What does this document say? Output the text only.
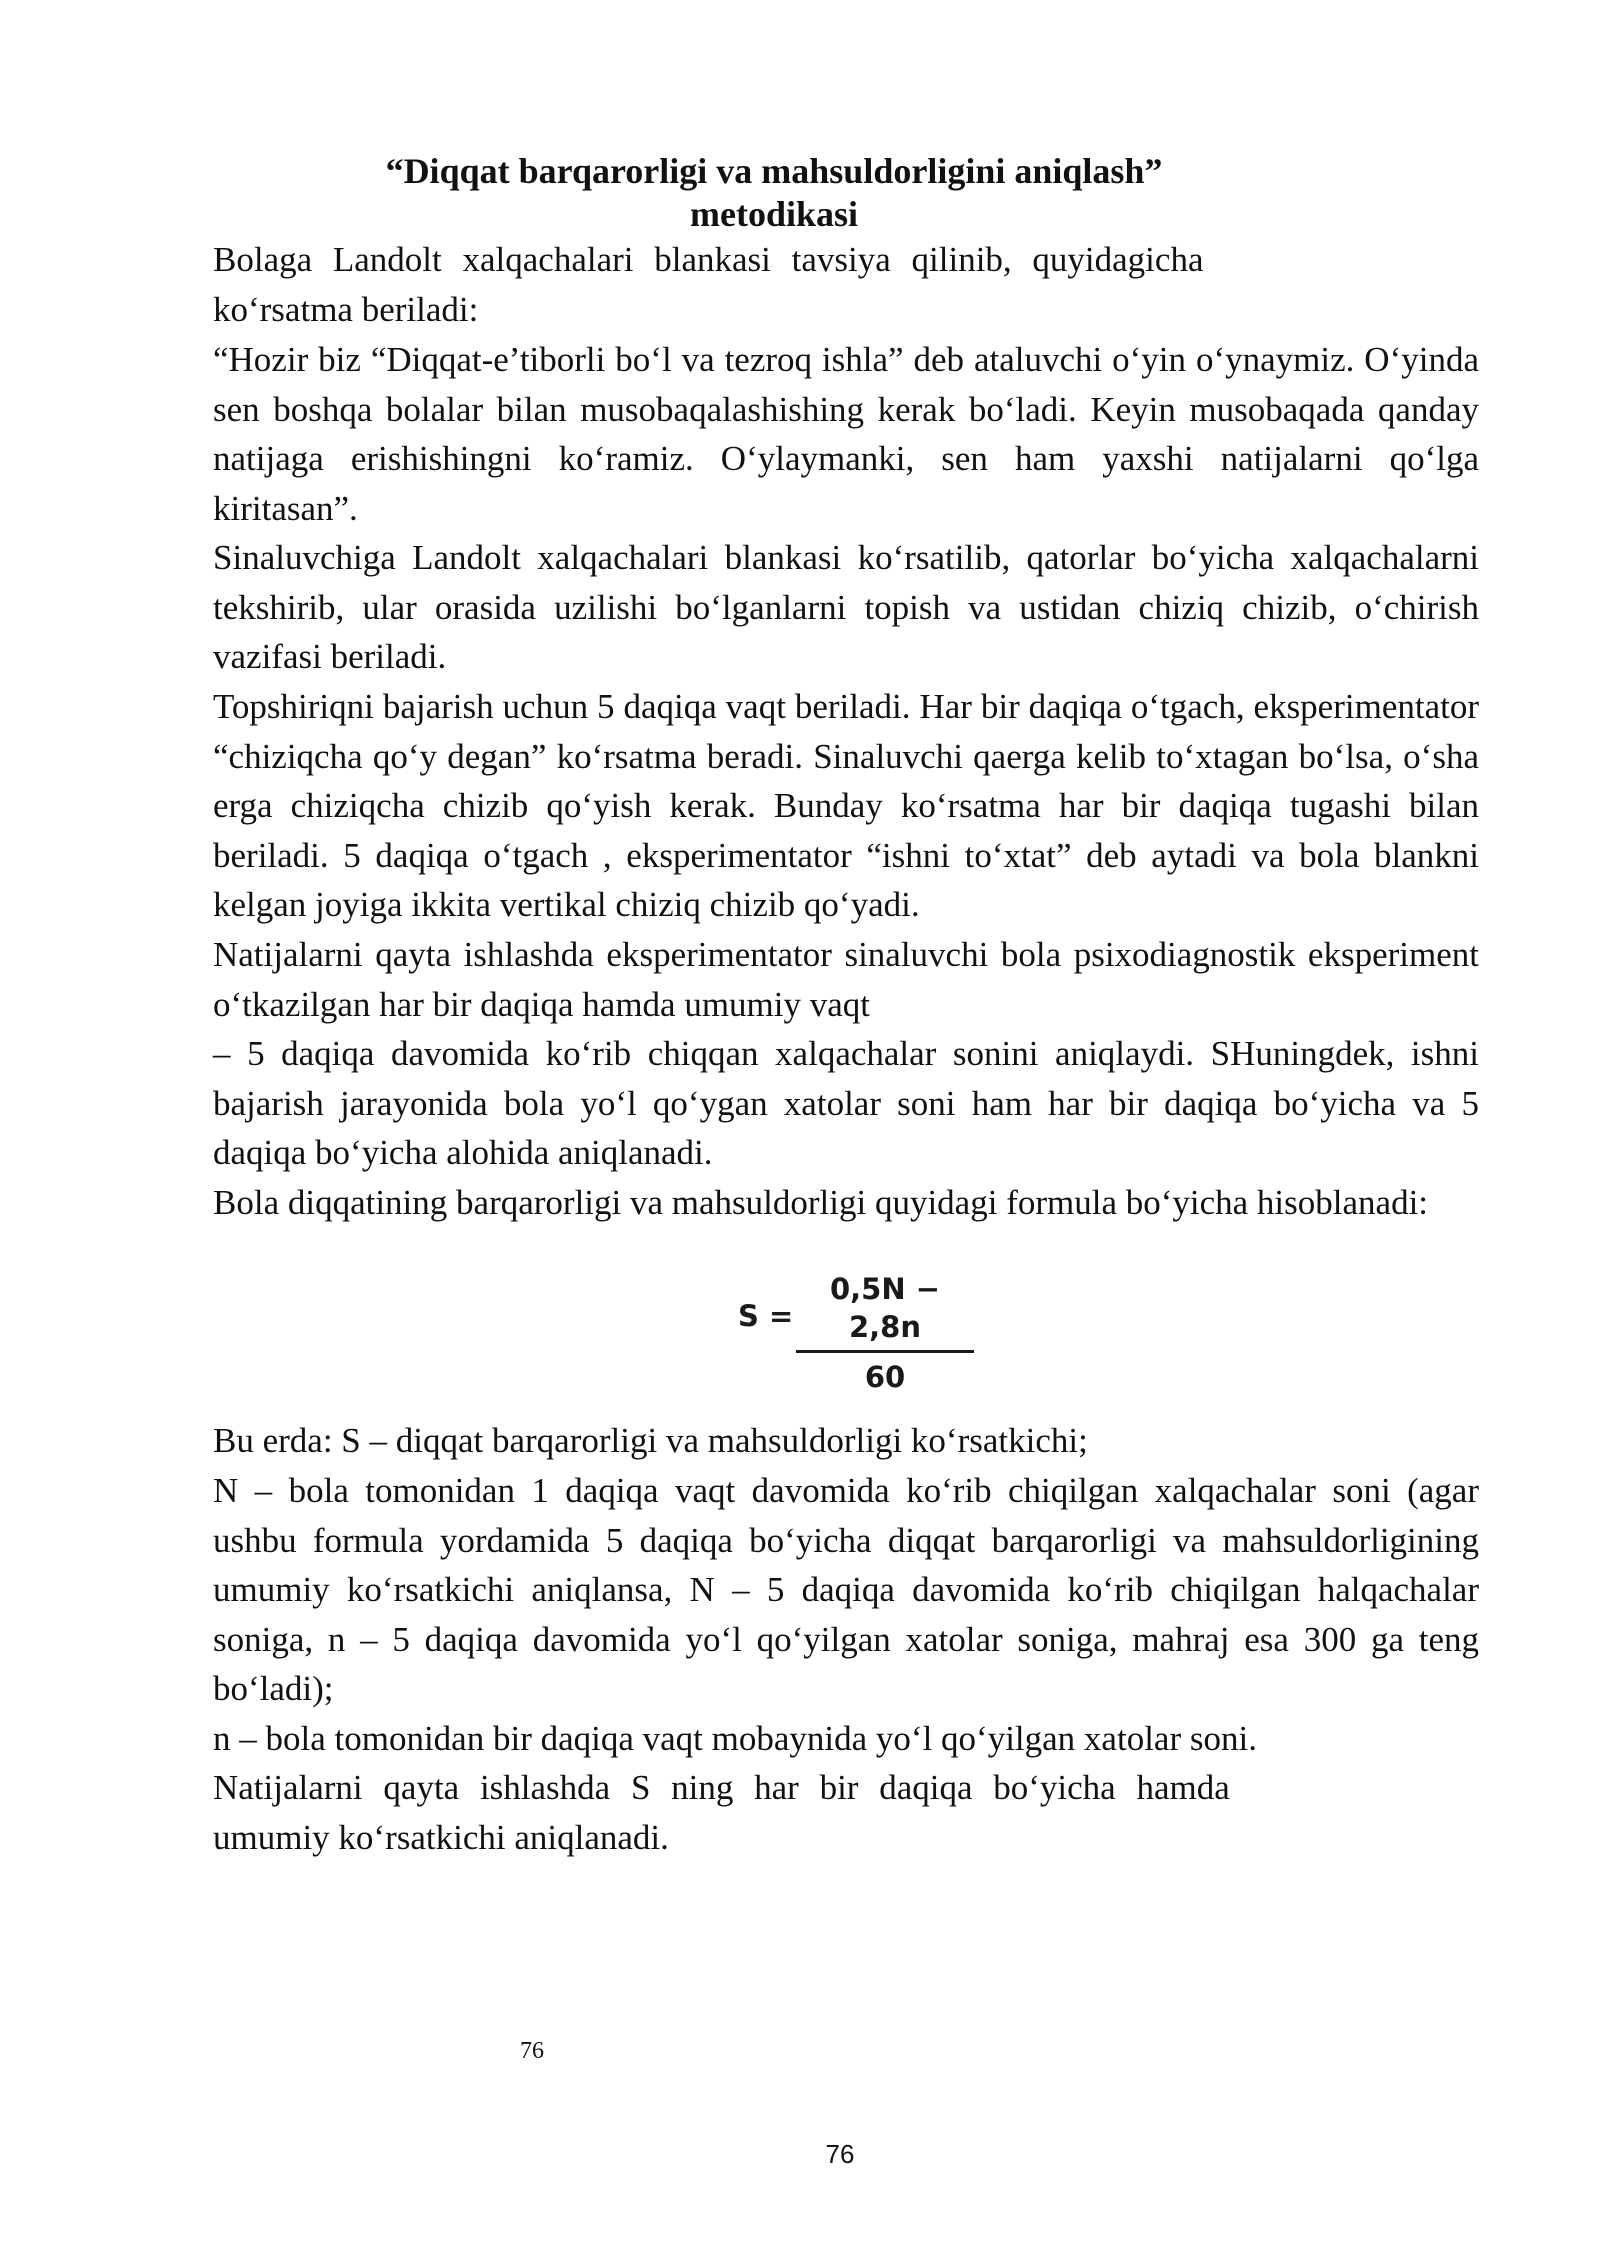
“Diqqat barqarorligi va mahsuldorligini aniqlash”
metodikasi
Bolaga Landolt xalqachalari blankasi tavsiya qilinib, quyidagicha
ko‘rsatma beriladi:
“Hozir biz “Diqqat-e’tiborli bo‘l va tezroq ishla” deb ataluvchi o‘yin o‘ynaymiz. O‘yinda sen boshqa bolalar bilan musobaqalashishing kerak bo‘ladi. Keyin musobaqada qanday natijaga erishishingni ko‘ramiz. O‘ylaymanki, sen ham yaxshi natijalarni qo‘lga kiritasan”.
Sinaluvchiga Landolt xalqachalari blankasi ko‘rsatilib, qatorlar bo‘yicha xalqachalarni tekshirib, ular orasida uzilishi bo‘lganlarni topish va ustidan chiziq chizib, o‘chirish vazifasi beriladi.
Topshiriqni bajarish uchun 5 daqiqa vaqt beriladi. Har bir daqiqa o‘tgach, eksperimentator “chiziqcha qo‘y degan” ko‘rsatma beradi. Sinaluvchi qaerga kelib to‘xtagan bo‘lsa, o‘sha erga chiziqcha chizib qo‘yish kerak. Bunday ko‘rsatma har bir daqiqa tugashi bilan beriladi. 5 daqiqa o‘tgach , eksperimentator “ishni to‘xtat” deb aytadi va bola blankni kelgan joyiga ikkita vertikal chiziq chizib qo‘yadi.
Natijalarni qayta ishlashda eksperimentator sinaluvchi bola psixodiagnostik eksperiment o‘tkazilgan har bir daqiqa hamda umumiy vaqt
– 5 daqiqa davomida ko‘rib chiqqan xalqachalar sonini aniqlaydi. SHuningdek, ishni bajarish jarayonida bola yo‘l qo‘ygan xatolar soni ham har bir daqiqa bo‘yicha va 5 daqiqa bo‘yicha alohida aniqlanadi.
Bola diqqatining barqarorligi va mahsuldorligi quyidagi formula bo‘yicha hisoblanadi:
S =
0,5N − 2,8n
60
Bu erda: S – diqqat barqarorligi va mahsuldorligi ko‘rsatkichi;
N – bola tomonidan 1 daqiqa vaqt davomida ko‘rib chiqilgan xalqachalar soni (agar ushbu formula yordamida 5 daqiqa bo‘yicha diqqat barqarorligi va mahsuldorligining umumiy ko‘rsatkichi aniqlansa, N – 5 daqiqa davomida ko‘rib chiqilgan halqachalar soniga, n – 5 daqiqa davomida yo‘l qo‘yilgan xatolar soniga, mahraj esa 300 ga teng bo‘ladi);
n – bola tomonidan bir daqiqa vaqt mobaynida yo‘l qo‘yilgan xatolar soni.
Natijalarni qayta ishlashda S ning har bir daqiqa bo‘yicha hamda
umumiy ko‘rsatkichi aniqlanadi.
76
76
